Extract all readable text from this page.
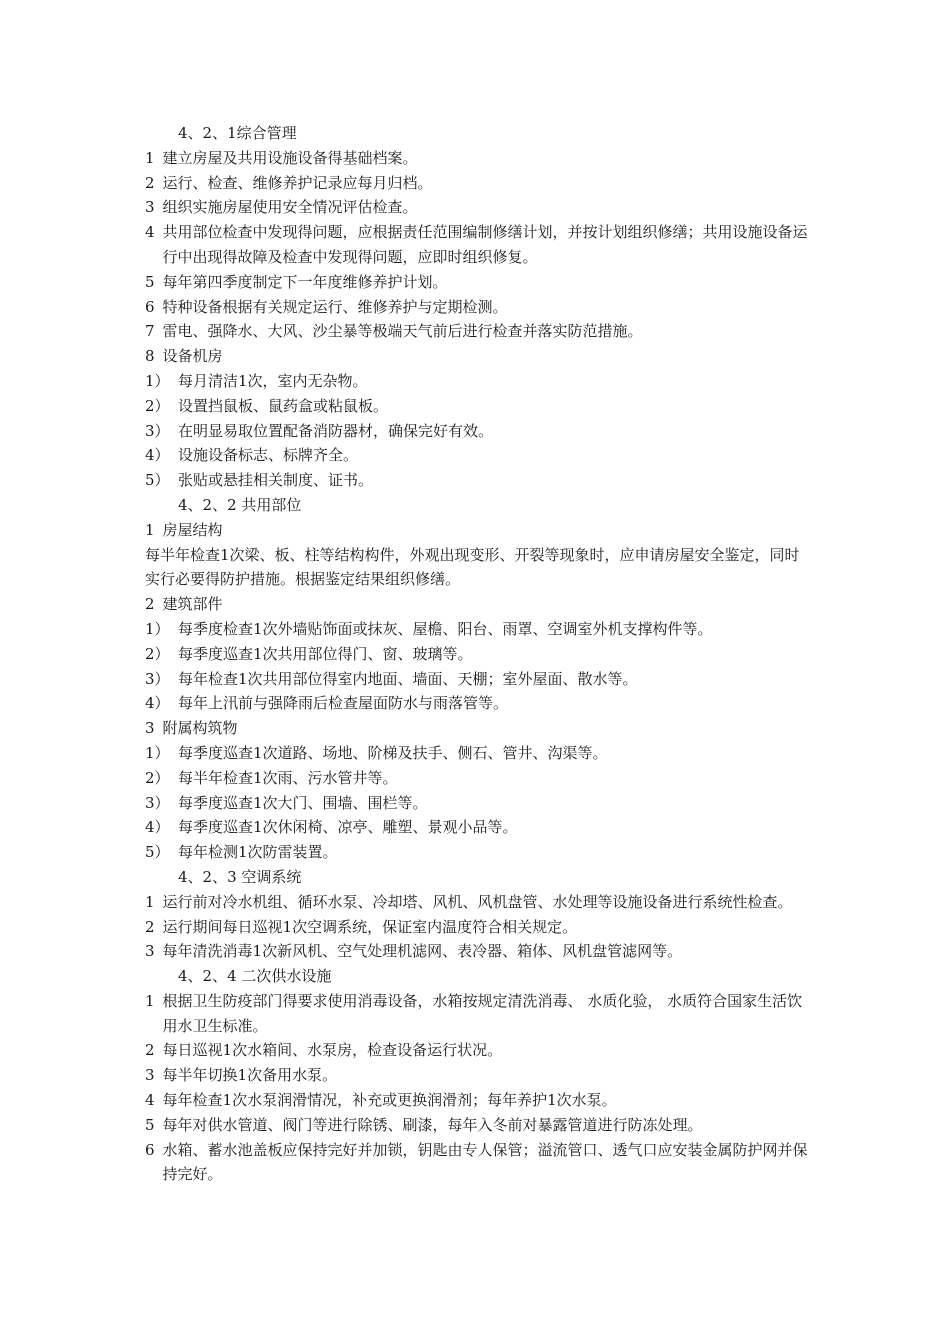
4、2、1综合管理

1 建立房屋及共用设施设备得基础档案。
2 运行、检查、维修养护记录应每月归档。
3 组织实施房屋使用安全情况评估检查。
4 共用部位检查中发现得问题，应根据责任范围编制修缮计划，并按计划组织修缮；共用设施设备运行中出现得故障及检查中发现得问题，应即时组织修复。
5 每年第四季度制定下一年度维修养护计划。
6 特种设备根据有关规定运行、维修养护与定期检测。
7 雷电、强降水、大风、沙尘暴等极端天气前后进行检查并落实防范措施。
8 设备机房
1） 每月清洁1次，室内无杂物。
2） 设置挡鼠板、鼠药盒或粘鼠板。
3） 在明显易取位置配备消防器材，确保完好有效。
4） 设施设备标志、标牌齐全。
5） 张贴或悬挂相关制度、证书。

4、2、2 共用部位

1 房屋结构

每半年检查1次梁、板、柱等结构构件，外观出现变形、开裂等现象时，应申请房屋安全鉴定，同时实行必要得防护措施。根据鉴定结果组织修缮。

2 建筑部件
1） 每季度检查1次外墙贴饰面或抹灰、屋檐、阳台、雨罩、空调室外机支撑构件等。
2） 每季度巡查1次共用部位得门、窗、玻璃等。
3） 每年检查1次共用部位得室内地面、墙面、天棚；室外屋面、散水等。
4） 每年上汛前与强降雨后检查屋面防水与雨落管等。
3 附属构筑物
1） 每季度巡查1次道路、场地、阶梯及扶手、侧石、管井、沟渠等。
2） 每半年检查1次雨、污水管井等。
3） 每季度巡查1次大门、围墙、围栏等。
4） 每季度巡查1次休闲椅、凉亭、雕塑、景观小品等。
5） 每年检测1次防雷装置。

4、2、3 空调系统

1 运行前对冷水机组、循环水泵、冷却塔、风机、风机盘管、水处理等设施设备进行系统性检查。
2 运行期间每日巡视1次空调系统，保证室内温度符合相关规定。
3 每年清洗消毒1次新风机、空气处理机滤网、表冷器、箱体、风机盘管滤网等。

4、2、4 二次供水设施

1 根据卫生防疫部门得要求使用消毒设备，水箱按规定清洗消毒、 水质化验， 水质符合国家生活饮用水卫生标准。
2 每日巡视1次水箱间、水泵房，检查设备运行状况。
3 每半年切换1次备用水泵。
4 每年检查1次水泵润滑情况，补充或更换润滑剂；每年养护1次水泵。
5 每年对供水管道、阀门等进行除锈、刷漆，每年入冬前对暴露管道进行防冻处理。
6 水箱、蓄水池盖板应保持完好并加锁，钥匙由专人保管；溢流管口、透气口应安装金属防护网并保持完好。
